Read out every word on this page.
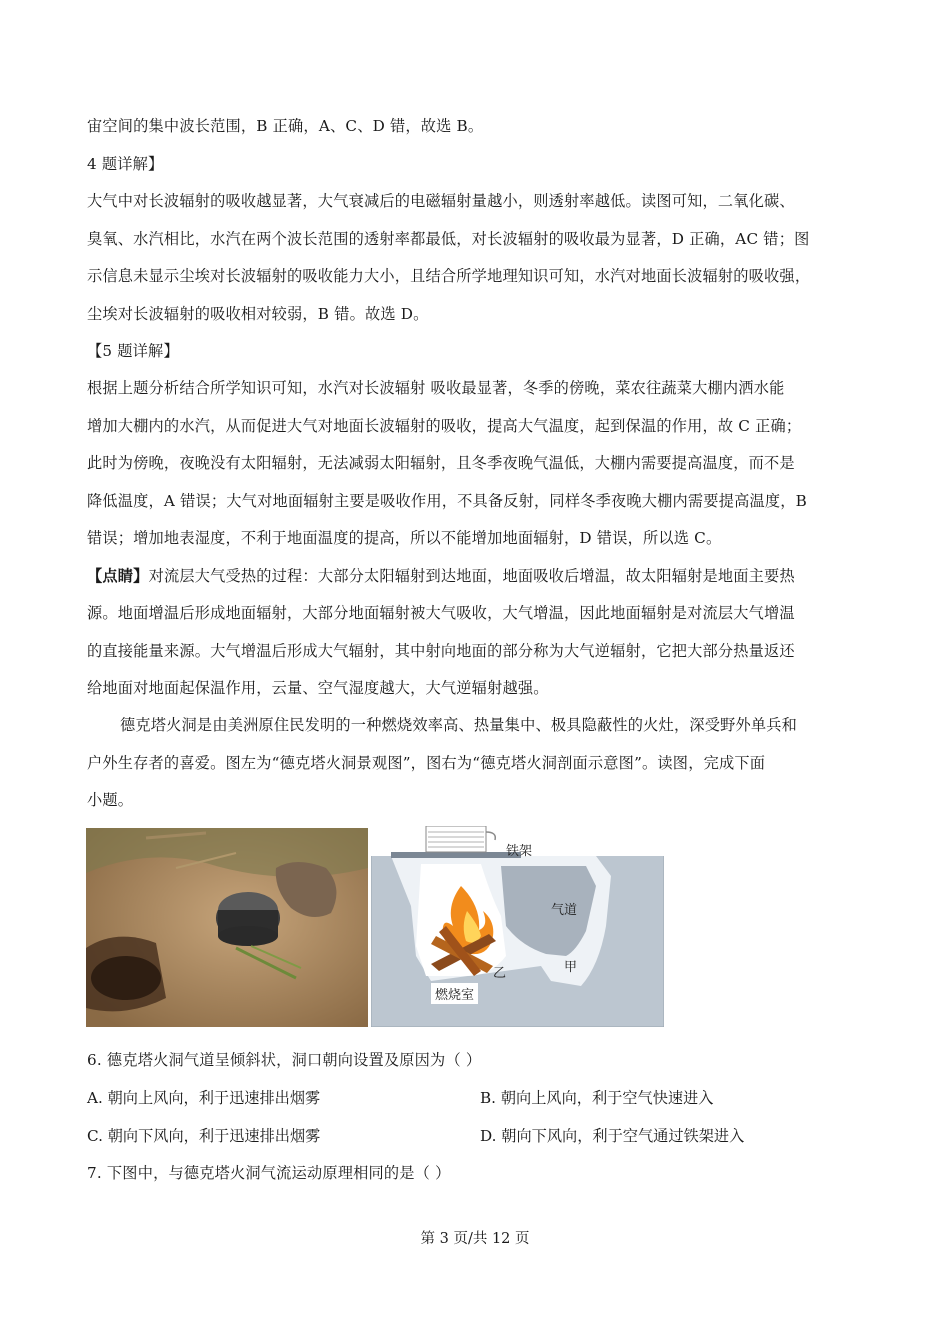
宙空间的集中波长范围，B 正确，A、C、D 错，故选 B。
4 题详解】
大气中对长波辐射的吸收越显著，大气衰减后的电磁辐射量越小，则透射率越低。读图可知，二氧化碳、
臭氧、水汽相比，水汽在两个波长范围的透射率都最低，对长波辐射的吸收最为显著，D 正确，AC 错；图
示信息未显示尘埃对长波辐射的吸收能力大小，且结合所学地理知识可知，水汽对地面长波辐射的吸收强，
尘埃对长波辐射的吸收相对较弱，B 错。故选 D。
【5 题详解】
根据上题分析结合所学知识可知，水汽对长波辐射 吸收最显著，冬季的傍晚，菜农往蔬菜大棚内洒水能
增加大棚内的水汽，从而促进大气对地面长波辐射的吸收，提高大气温度，起到保温的作用，故 C 正确；
此时为傍晚，夜晚没有太阳辐射，无法减弱太阳辐射，且冬季夜晚气温低，大棚内需要提高温度，而不是
降低温度，A 错误；大气对地面辐射主要是吸收作用，不具备反射，同样冬季夜晚大棚内需要提高温度，B
错误；增加地表湿度，不利于地面温度的提高，所以不能增加地面辐射，D 错误，所以选 C。
【点睛】对流层大气受热的过程：大部分太阳辐射到达地面，地面吸收后增温，故太阳辐射是地面主要热
源。地面增温后形成地面辐射，大部分地面辐射被大气吸收，大气增温，因此地面辐射是对流层大气增温
的直接能量来源。大气增温后形成大气辐射，其中射向地面的部分称为大气逆辐射，它把大部分热量返还
给地面对地面起保温作用，云量、空气湿度越大，大气逆辐射越强。
德克塔火洞是由美洲原住民发明的一种燃烧效率高、热量集中、极具隐蔽性的火灶，深受野外单兵和
户外生存者的喜爱。图左为“德克塔火洞景观图”，图右为“德克塔火洞剖面示意图”。读图，完成下面
小题。
铁架
气道
甲
乙
燃烧室
6. 德克塔火洞气道呈倾斜状，洞口朝向设置及原因为（ ）
A. 朝向上风向，利于迅速排出烟雾	B. 朝向上风向，利于空气快速进入
C. 朝向下风向，利于迅速排出烟雾	D. 朝向下风向，利于空气通过铁架进入
7. 下图中，与德克塔火洞气流运动原理相同的是（ ）
第 3 页/共 12 页
